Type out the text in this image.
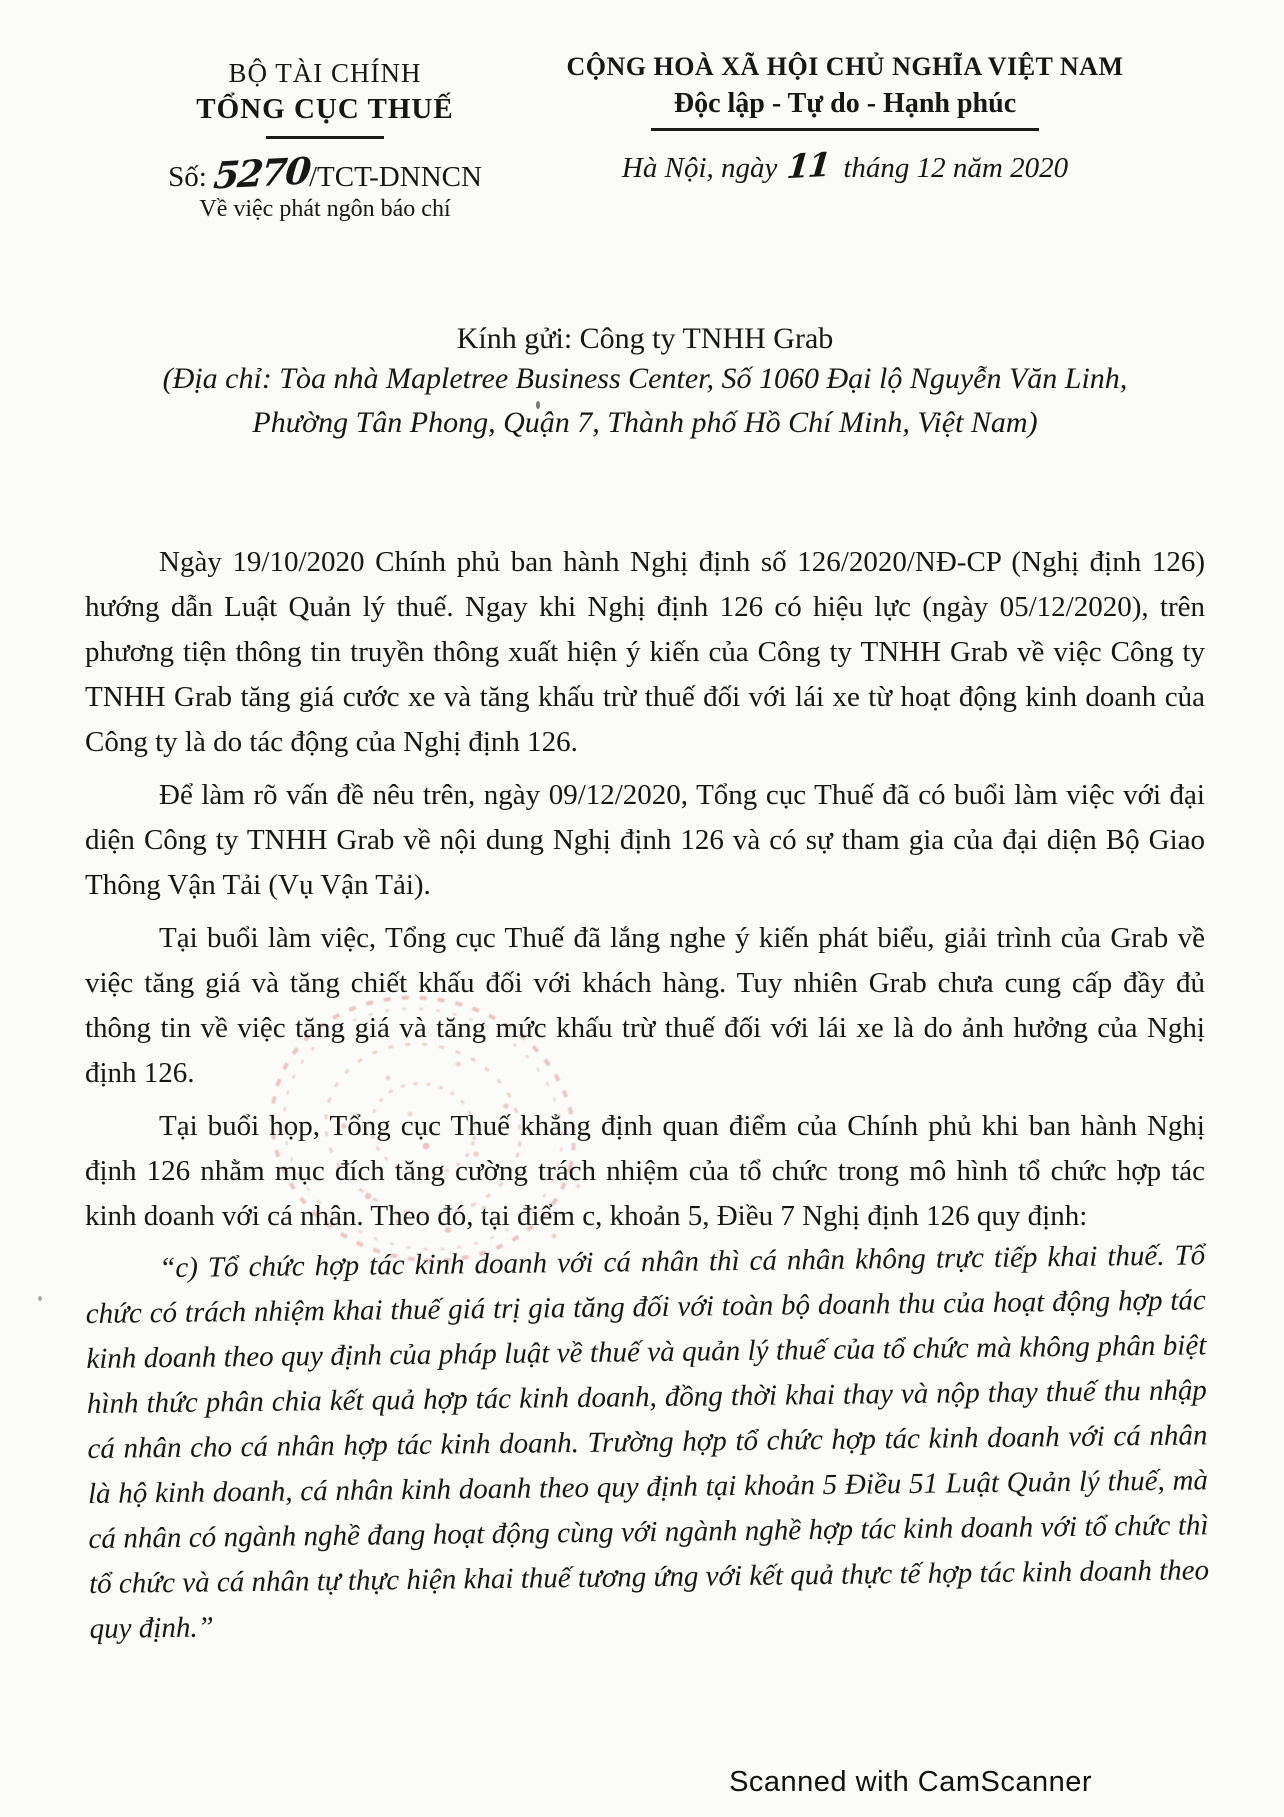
BỘ TÀI CHÍNH
TỔNG CỤC THUẾ
Số: 5270/TCT-DNNCN
Về việc phát ngôn báo chí
CỘNG HOÀ XÃ HỘI CHỦ NGHĨA VIỆT NAM
Độc lập - Tự do - Hạnh phúc
Hà Nội, ngày 11 tháng 12 năm 2020
Kính gửi: Công ty TNHH Grab
(Địa chỉ: Tòa nhà Mapletree Business Center, Số 1060 Đại lộ Nguyễn Văn Linh,
Phường Tân Phong, Quận 7, Thành phố Hồ Chí Minh, Việt Nam)

Ngày 19/10/2020 Chính phủ ban hành Nghị định số 126/2020/NĐ-CP (Nghị định 126) hướng dẫn Luật Quản lý thuế. Ngay khi Nghị định 126 có hiệu lực (ngày 05/12/2020), trên phương tiện thông tin truyền thông xuất hiện ý kiến của Công ty TNHH Grab về việc Công ty TNHH Grab tăng giá cước xe và tăng khấu trừ thuế đối với lái xe từ hoạt động kinh doanh của Công ty là do tác động của Nghị định 126.

Để làm rõ vấn đề nêu trên, ngày 09/12/2020, Tổng cục Thuế đã có buổi làm việc với đại diện Công ty TNHH Grab về nội dung Nghị định 126 và có sự tham gia của đại diện Bộ Giao Thông Vận Tải (Vụ Vận Tải).

Tại buổi làm việc, Tổng cục Thuế đã lắng nghe ý kiến phát biểu, giải trình của Grab về việc tăng giá và tăng chiết khấu đối với khách hàng. Tuy nhiên Grab chưa cung cấp đầy đủ thông tin về việc tăng giá và tăng mức khấu trừ thuế đối với lái xe là do ảnh hưởng của Nghị định 126.

Tại buổi họp, Tổng cục Thuế khẳng định quan điểm của Chính phủ khi ban hành Nghị định 126 nhằm mục đích tăng cường trách nhiệm của tổ chức trong mô hình tổ chức hợp tác kinh doanh với cá nhân. Theo đó, tại điểm c, khoản 5, Điều 7 Nghị định 126 quy định:

“c) Tổ chức hợp tác kinh doanh với cá nhân thì cá nhân không trực tiếp khai thuế. Tổ chức có trách nhiệm khai thuế giá trị gia tăng đối với toàn bộ doanh thu của hoạt động hợp tác kinh doanh theo quy định của pháp luật về thuế và quản lý thuế của tổ chức mà không phân biệt hình thức phân chia kết quả hợp tác kinh doanh, đồng thời khai thay và nộp thay thuế thu nhập cá nhân cho cá nhân hợp tác kinh doanh. Trường hợp tổ chức hợp tác kinh doanh với cá nhân là hộ kinh doanh, cá nhân kinh doanh theo quy định tại khoản 5 Điều 51 Luật Quản lý thuế, mà cá nhân có ngành nghề đang hoạt động cùng với ngành nghề hợp tác kinh doanh với tổ chức thì tổ chức và cá nhân tự thực hiện khai thuế tương ứng với kết quả thực tế hợp tác kinh doanh theo quy định.”

Scanned with CamScanner
